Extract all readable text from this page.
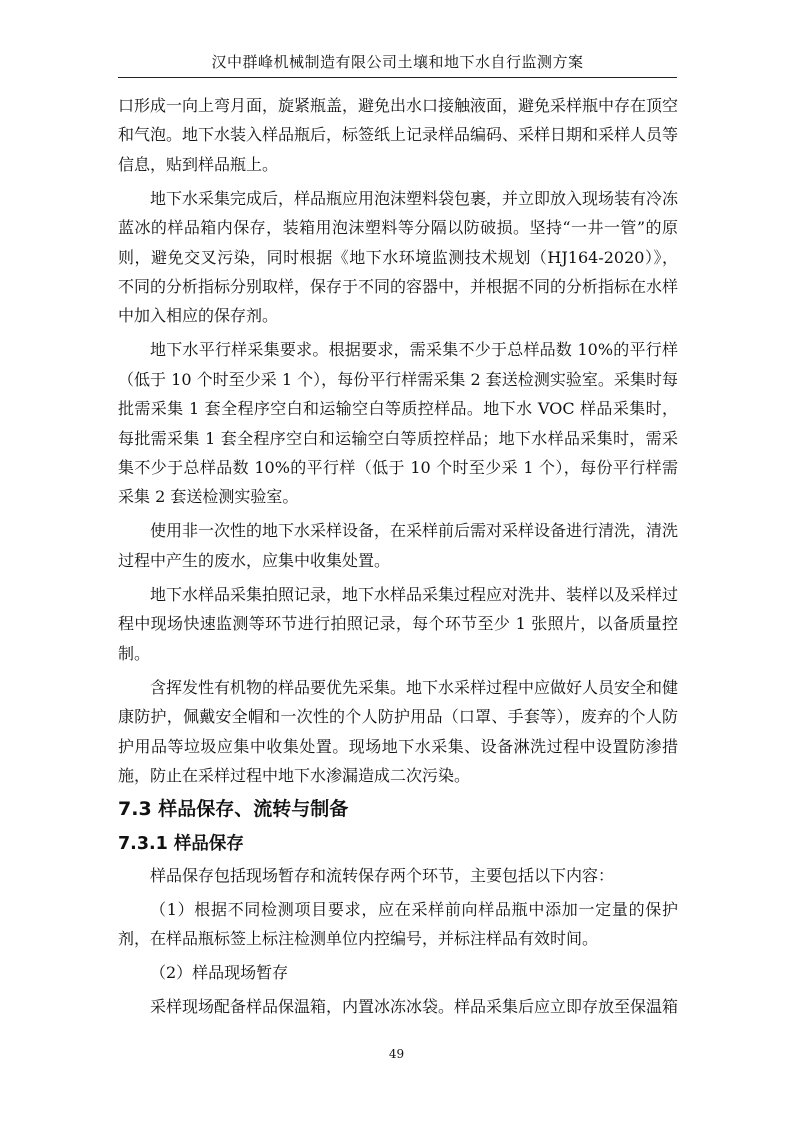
汉中群峰机械制造有限公司土壤和地下水自行监测方案

口形成一向上弯月面，旋紧瓶盖，避免出水口接触液面，避免采样瓶中存在顶空和气泡。地下水装入样品瓶后，标签纸上记录样品编码、采样日期和采样人员等信息，贴到样品瓶上。

地下水采集完成后，样品瓶应用泡沫塑料袋包裹，并立即放入现场装有冷冻蓝冰的样品箱内保存，装箱用泡沫塑料等分隔以防破损。坚持“一井一管”的原则，避免交叉污染，同时根据《地下水环境监测技术规划（HJ164-2020）》，不同的分析指标分别取样，保存于不同的容器中，并根据不同的分析指标在水样中加入相应的保存剂。

地下水平行样采集要求。根据要求，需采集不少于总样品数 10%的平行样（低于 10 个时至少采 1 个），每份平行样需采集 2 套送检测实验室。采集时每批需采集 1 套全程序空白和运输空白等质控样品。地下水 VOC 样品采集时，每批需采集 1 套全程序空白和运输空白等质控样品；地下水样品采集时，需采集不少于总样品数 10%的平行样（低于 10 个时至少采 1 个），每份平行样需采集 2 套送检测实验室。

使用非一次性的地下水采样设备，在采样前后需对采样设备进行清洗，清洗过程中产生的废水，应集中收集处置。

地下水样品采集拍照记录，地下水样品采集过程应对洗井、装样以及采样过程中现场快速监测等环节进行拍照记录，每个环节至少 1 张照片，以备质量控制。

含挥发性有机物的样品要优先采集。地下水采样过程中应做好人员安全和健康防护，佩戴安全帽和一次性的个人防护用品（口罩、手套等），废弃的个人防护用品等垃圾应集中收集处置。现场地下水采集、设备淋洗过程中设置防渗措施，防止在采样过程中地下水渗漏造成二次污染。

7.3 样品保存、流转与制备
7.3.1 样品保存

样品保存包括现场暂存和流转保存两个环节，主要包括以下内容：

（1）根据不同检测项目要求，应在采样前向样品瓶中添加一定量的保护剂，在样品瓶标签上标注检测单位内控编号，并标注样品有效时间。

（2）样品现场暂存

采样现场配备样品保温箱，内置冰冻冰袋。样品采集后应立即存放至保温箱

49
